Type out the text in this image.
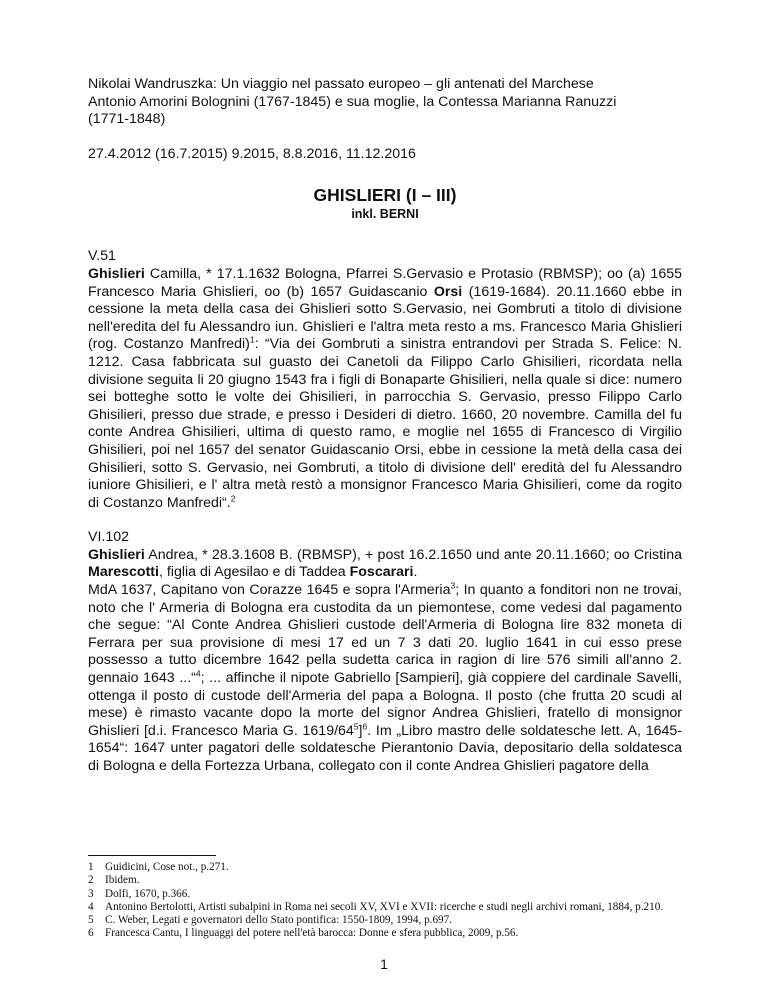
Nikolai Wandruszka: Un viaggio nel passato europeo – gli antenati del Marchese

Antonio Amorini Bolognini (1767-1845) e sua moglie, la Contessa Marianna Ranuzzi

(1771-1848)

27.4.2012 (16.7.2015) 9.2015, 8.8.2016, 11.12.2016

GHISLIERI (I – III)
inkl. BERNI

V.51

Ghislieri Camilla, * 17.1.1632 Bologna, Pfarrei S.Gervasio e Protasio (RBMSP); oo (a) 1655 Francesco Maria Ghislieri, oo (b) 1657 Guidascanio Orsi (1619-1684). 20.11.1660 ebbe in cessione la meta della casa dei Ghislieri sotto S.Gervasio, nei Gombruti a titolo di divisione nell'eredita del fu Alessandro iun. Ghislieri e l'altra meta resto a ms. Francesco Maria Ghislieri (rog. Costanzo Manfredi)$^1$: “Via dei Gombruti a sinistra entrandovi per Strada S. Felice: N. 1212. Casa fabbricata sul guasto dei Canetoli da Filippo Carlo Ghisilieri, ricordata nella divisione seguita li 20 giugno 1543 fra i figli di Bonaparte Ghisilieri, nella quale si dice: numero sei botteghe sotto le volte dei Ghisilieri, in parrocchia S. Gervasio, presso Filippo Carlo Ghisilieri, presso due strade, e presso i Desideri di dietro. 1660, 20 novembre. Camilla del fu conte Andrea Ghisilieri, ultima di questo ramo, e moglie nel 1655 di Francesco di Virgilio Ghisilieri, poi nel 1657 del senator Guidascanio Orsi, ebbe in cessione la metà della casa dei Ghisilieri, sotto S. Gervasio, nei Gombruti, a titolo di divisione dell' eredità del fu Alessandro iuniore Ghisilieri, e l' altra metà restò a monsignor Francesco Maria Ghisilieri, come da rogito di Costanzo Manfredi“.$^2$

VI.102

Ghislieri Andrea, * 28.3.1608 B. (RBMSP), + post 16.2.1650 und ante 20.11.1660; oo Cristina Marescotti, figlia di Agesilao e di Taddea Foscarari.

MdA 1637, Capitano von Corazze 1645 e sopra l'Armeria$^3$; In quanto a fonditori non ne trovai, noto che l' Armeria di Bologna era custodita da un piemontese, come vedesi dal pagamento che segue: “Al Conte Andrea Ghislieri custode dell'Armeria di Bologna lire 832 moneta di Ferrara per sua provisione di mesi 17 ed un 7 3 dati 20. luglio 1641 in cui esso prese possesso a tutto dicembre 1642 pella sudetta carica in ragion di lire 576 simili all'anno 2. gennaio 1643 ...“$^4$; ... affinche il nipote Gabriello [Sampieri], già coppiere del cardinale Savelli, ottenga il posto di custode dell'Armeria del papa a Bologna. Il posto (che frutta 20 scudi al mese) è rimasto vacante dopo la morte del signor Andrea Ghislieri, fratello di monsignor Ghislieri [d.i. Francesco Maria G. $1619/64^5]^6$. Im „Libro mastro delle soldatesche lett. A, 1645-1654“: 1647 unter pagatori delle soldatesche Pierantonio Davia, depositario della soldatesca di Bologna e della Fortezza Urbana, collegato con il conte Andrea Ghislieri pagatore della

1	Guidicini, Cose not., p.271.
2	Ibidem.
3	Dolfi, 1670, p.366.
4	Antonino Bertolotti, Artisti subalpini in Roma nei secoli XV, XVI e XVII: ricerche e studi negli archivi romani, 1884, p.210.
5	C. Weber, Legati e governatori dello Stato pontifica: 1550-1809, 1994, p.697.
6	Francesca Cantu, I linguaggi del potere nell'età barocca: Donne e sfera pubblica, 2009, p.56.
1
